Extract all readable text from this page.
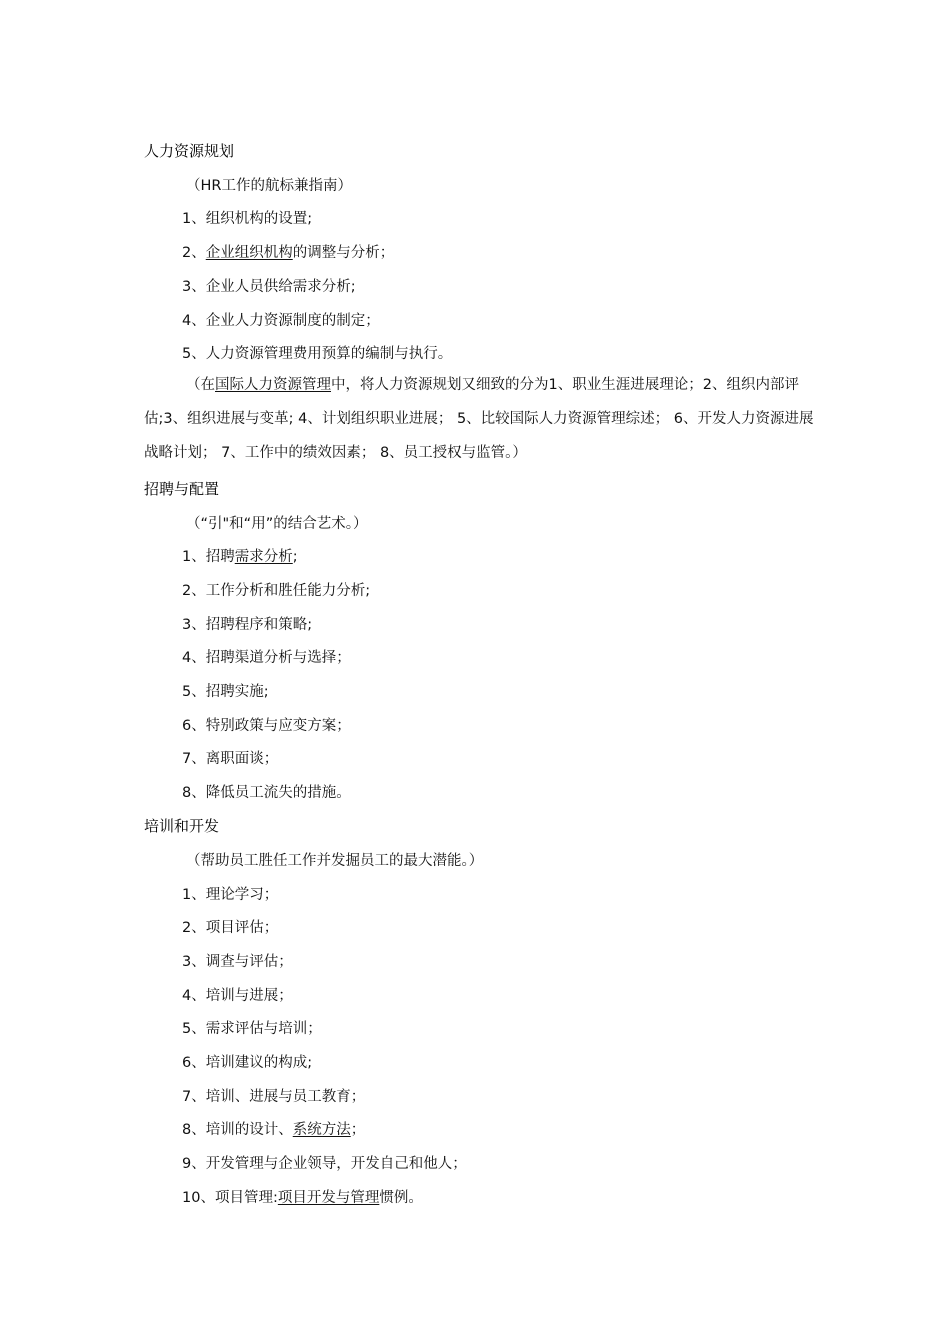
人力资源规划
（HR工作的航标兼指南）
1、组织机构的设置;
2、企业组织机构的调整与分析；
3、企业人员供给需求分析;
4、企业人力资源制度的制定；
5、人力资源管理费用预算的编制与执行。
（在国际人力资源管理中，将人力资源规划又细致的分为1、职业生涯进展理论；2、组织内部评估;3、组织进展与变革; 4、计划组织职业进展； 5、比较国际人力资源管理综述； 6、开发人力资源进展战略计划； 7、工作中的绩效因素； 8、员工授权与监管。）
招聘与配置
（“引"和“用”的结合艺术。）
1、招聘需求分析;
2、工作分析和胜任能力分析;
3、招聘程序和策略;
4、招聘渠道分析与选择；
5、招聘实施;
6、特别政策与应变方案；
7、离职面谈；
8、降低员工流失的措施。
培训和开发
（帮助员工胜任工作并发掘员工的最大潜能。）
1、理论学习；
2、项目评估；
3、调查与评估；
4、培训与进展；
5、需求评估与培训；
6、培训建议的构成;
7、培训、进展与员工教育；
8、培训的设计、系统方法；
9、开发管理与企业领导，开发自己和他人；
10、项目管理:项目开发与管理惯例。
